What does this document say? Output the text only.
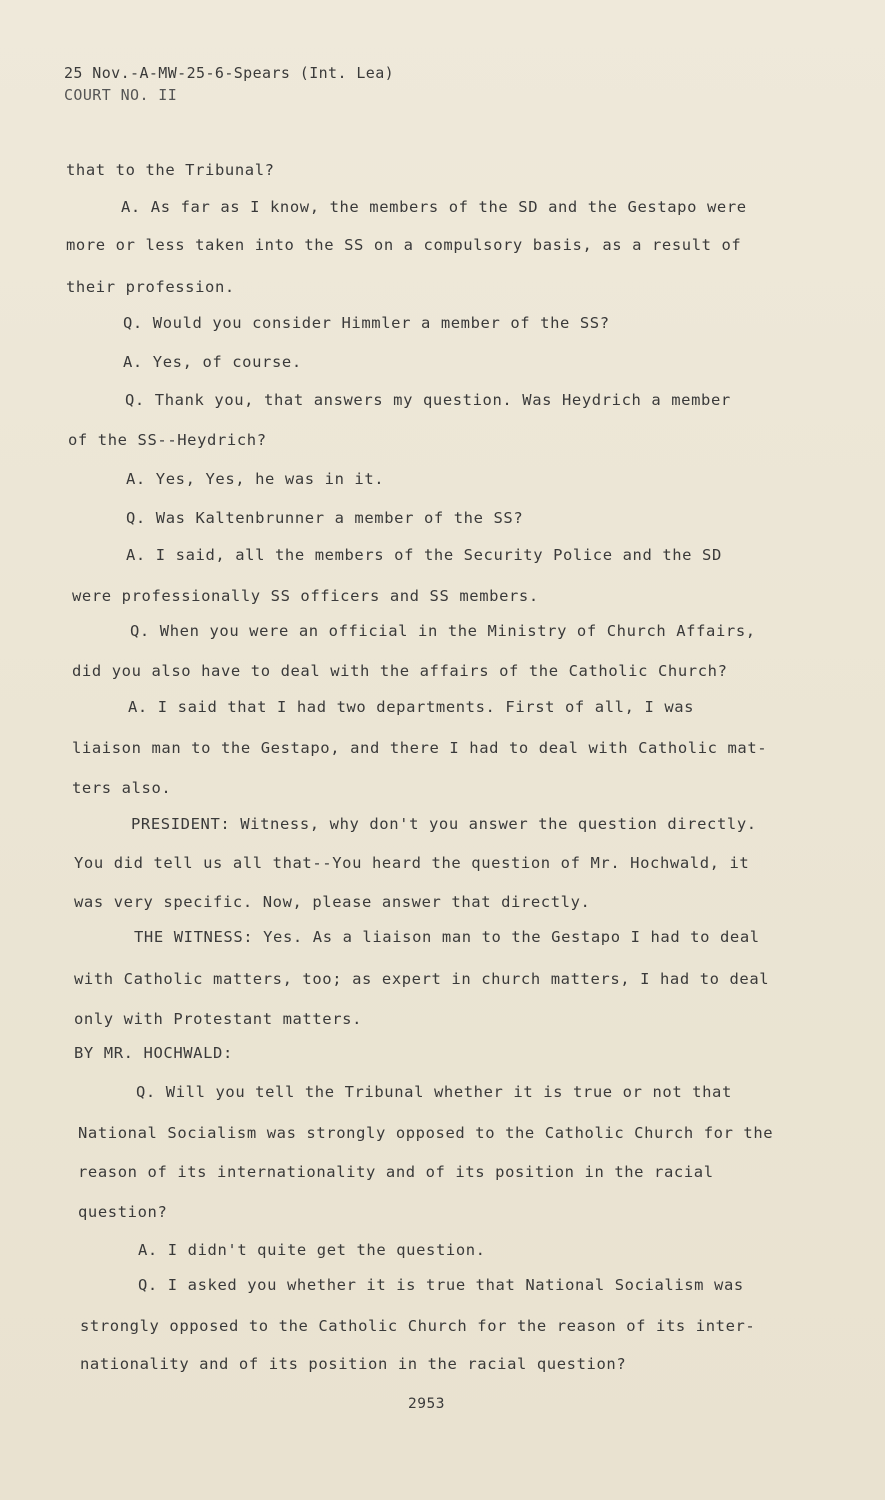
25 Nov.-A-MW-25-6-Spears (Int. Lea)
COURT NO. II
that to the Tribunal?
A. As far as I know, the members of the SD and the Gestapo were
more or less taken into the SS on a compulsory basis, as a result of
their profession.
Q. Would you consider Himmler a member of the SS?
A. Yes, of course.
Q. Thank you, that answers my question. Was Heydrich a member
of the SS--Heydrich?
A. Yes, Yes, he was in it.
Q. Was Kaltenbrunner a member of the SS?
A. I said, all the members of the Security Police and the SD
were professionally SS officers and SS members.
Q. When you were an official in the Ministry of Church Affairs,
did you also have to deal with the affairs of the Catholic Church?
A. I said that I had two departments. First of all, I was
liaison man to the Gestapo, and there I had to deal with Catholic mat-
ters also.
PRESIDENT: Witness, why don't you answer the question directly.
You did tell us all that--You heard the question of Mr. Hochwald, it
was very specific. Now, please answer that directly.
THE WITNESS: Yes. As a liaison man to the Gestapo I had to deal
with Catholic matters, too; as expert in church matters, I had to deal
only with Protestant matters.
BY MR. HOCHWALD:
Q. Will you tell the Tribunal whether it is true or not that
National Socialism was strongly opposed to the Catholic Church for the
reason of its internationality and of its position in the racial
question?
A. I didn't quite get the question.
Q. I asked you whether it is true that National Socialism was
strongly opposed to the Catholic Church for the reason of its inter-
nationality and of its position in the racial question?
2953
